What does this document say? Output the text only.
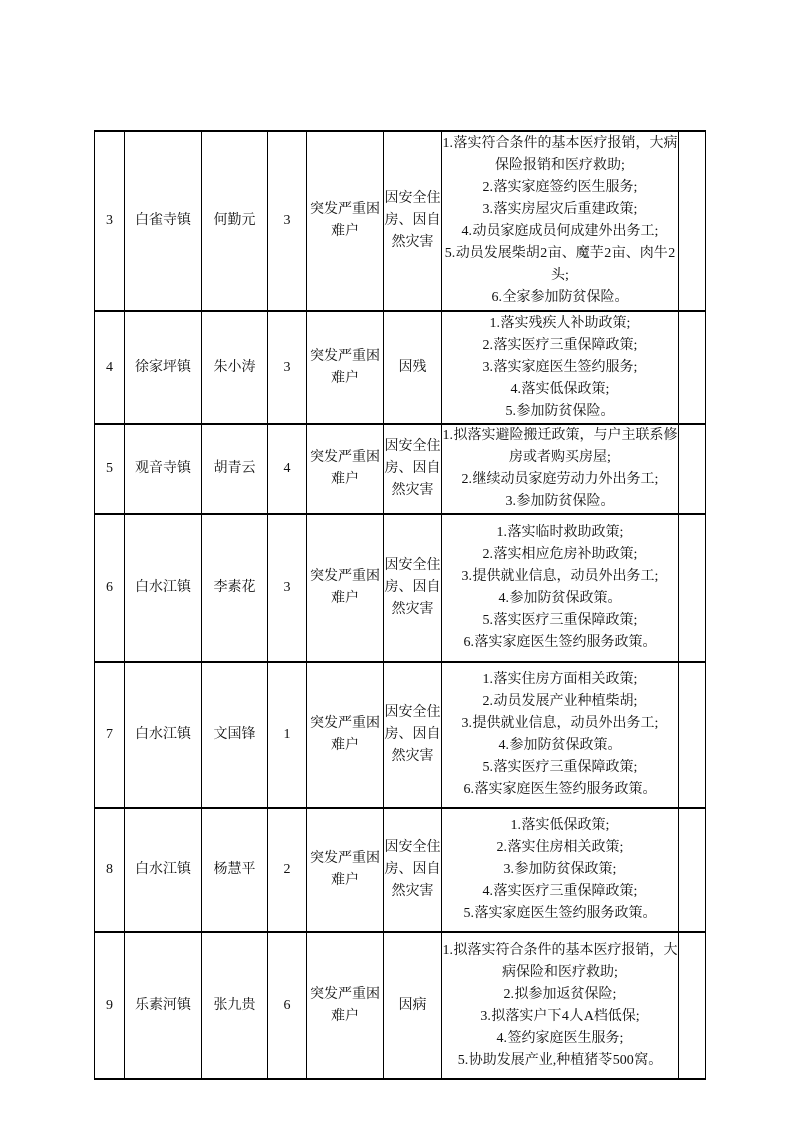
3	白雀寺镇	何勤元	3	突发严重困难户	因安全住房、因自然灾害	
1. 落实符合条件的基本医疗报销，大病保险报销和医疗救助;
2. 落实家庭签约医生服务;
3. 落实房屋灾后重建政策;
4. 动员家庭成员何成建外出务工;
5. 动员发展柴胡 2 亩、魔芋 2 亩、肉牛 2 头;
6. 全家参加防贫保险。

4	徐家坪镇	朱小涛	3	突发严重困难户	因残	1. 落实残疾人补助政策;
2. 落实医疗三重保障政策;
3. 落实家庭医生签约服务;
4. 落实低保政策;
5. 参加防贫保险。	

5	观音寺镇	胡青云	4	突发严重困难户	因安全住房、因自然灾害	1. 拟落实避险搬迁政策，与户主联系修房或者购买房屋;
2. 继续动员家庭劳动力外出务工;
3. 参加防贫保险。	

6	白水江镇	李素花	3	突发严重困难户	因安全住房、因自然灾害	
1. 落实临时救助政策;
2. 落实相应危房补助政策;
3. 提供就业信息，动员外出务工;
4. 参加防贫保政策。
5. 落实医疗三重保障政策;
6. 落实家庭医生签约服务政策。

7	白水江镇	文国锋	1	突发严重困难户	因安全住房、因自然灾害	
1. 落实住房方面相关政策;
2. 动员发展产业种植柴胡;
3. 提供就业信息，动员外出务工;
4. 参加防贫保政策。
5. 落实医疗三重保障政策;
6. 落实家庭医生签约服务政策。

8	白水江镇	杨慧平	2	突发严重困难户	因安全住房、因自然灾害	1. 落实低保政策;
2. 落实住房相关政策;
3. 参加防贫保政策;
4. 落实医疗三重保障政策;
5. 落实家庭医生签约服务政策。	

9	乐素河镇	张九贵	6	突发严重困难户	因病	1. 拟落实符合条件的基本医疗报销，大病保险和医疗救助;
2. 拟参加返贫保险;
3. 拟落实户下 4 人 A 档低保;
4. 签约家庭医生服务;
5. 协助发展产业,种植猪苓 500 窝。	
